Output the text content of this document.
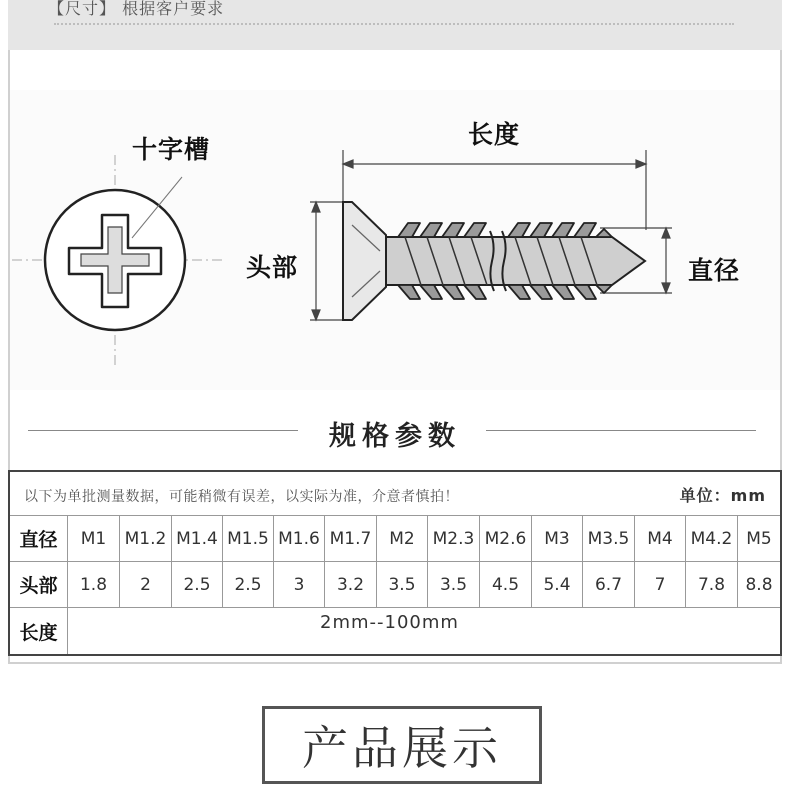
【尺寸】 根据客户要求
十字槽
长度
头部	直径
规格参数
以下为单批测量数据，可能稍微有误差，以实际为准，介意者慎拍！	单位：mm
直径	M1	M1.2 M1.4 M1.5 M1.6 M1.7	M2	M2.3 M2.6	M3	M3.5	M4	M4.2 M5
头部	1.8	2	2.5	2.5	3	3.2	3.5	3.5	4.5	5.4	6.7	7	7.8	8.8
长度	2mm--100mm
产品展示
